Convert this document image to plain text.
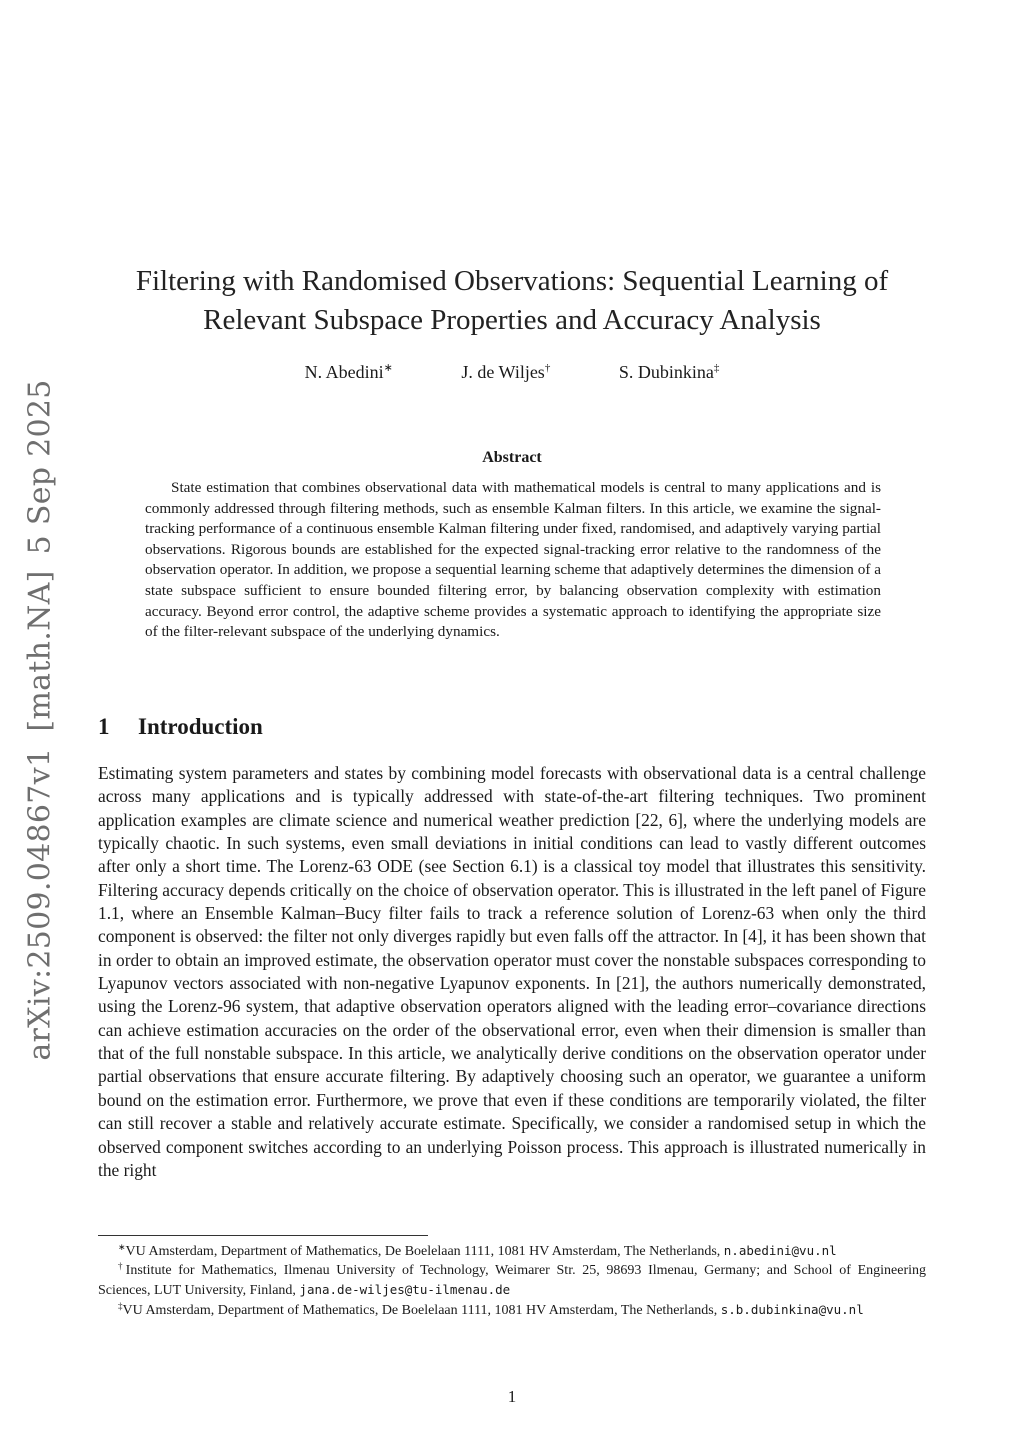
arXiv:2509.04867v1[math.NA]5 Sep 2025
Filtering with Randomised Observations: Sequential Learning of Relevant Subspace Properties and Accuracy Analysis
N. Abedini∗	J. de Wiljes†	S. Dubinkina‡
Abstract
State estimation that combines observational data with mathematical models is central to many applications and is commonly addressed through filtering methods, such as ensemble Kalman filters. In this article, we examine the signal-tracking performance of a continuous ensemble Kalman filtering under fixed, randomised, and adaptively varying partial observations. Rigorous bounds are established for the expected signal-tracking error relative to the randomness of the observation operator. In addition, we propose a sequential learning scheme that adaptively determines the dimension of a state subspace sufficient to ensure bounded filtering error, by balancing observation complexity with estimation accuracy. Beyond error control, the adaptive scheme provides a systematic approach to identifying the appropriate size of the filter-relevant subspace of the underlying dynamics.
1 Introduction
Estimating system parameters and states by combining model forecasts with observational data is a central challenge across many applications and is typically addressed with state-of-the-art filtering techniques. Two prominent application examples are climate science and numerical weather prediction [22, 6], where the underlying models are typically chaotic. In such systems, even small deviations in initial conditions can lead to vastly different outcomes after only a short time. The Lorenz-63 ODE (see Section 6.1) is a classical toy model that illustrates this sensitivity. Filtering accuracy depends critically on the choice of observation operator. This is illustrated in the left panel of Figure 1.1, where an Ensemble Kalman–Bucy filter fails to track a reference solution of Lorenz-63 when only the third component is observed: the filter not only diverges rapidly but even falls off the attractor. In [4], it has been shown that in order to obtain an improved estimate, the observation operator must cover the nonstable subspaces corresponding to Lyapunov vectors associated with non-negative Lyapunov exponents. In [21], the authors numerically demonstrated, using the Lorenz-96 system, that adaptive observation operators aligned with the leading error–covariance directions can achieve estimation accuracies on the order of the observational error, even when their dimension is smaller than that of the full nonstable subspace. In this article, we analytically derive conditions on the observation operator under partial observations that ensure accurate filtering. By adaptively choosing such an operator, we guarantee a uniform bound on the estimation error. Furthermore, we prove that even if these conditions are temporarily violated, the filter can still recover a stable and relatively accurate estimate. Specifically, we consider a randomised setup in which the observed component switches according to an underlying Poisson process. This approach is illustrated numerically in the right

∗VU Amsterdam, Department of Mathematics, De Boelelaan 1111, 1081 HV Amsterdam, The Netherlands, n.abedini@vu.nl

†Institute for Mathematics, Ilmenau University of Technology, Weimarer Str. 25, 98693 Ilmenau, Germany; and School of Engineering Sciences, LUT University, Finland, jana.de-wiljes@tu-ilmenau.de

‡VU Amsterdam, Department of Mathematics, De Boelelaan 1111, 1081 HV Amsterdam, The Netherlands, s.b.dubinkina@vu.nl

1
